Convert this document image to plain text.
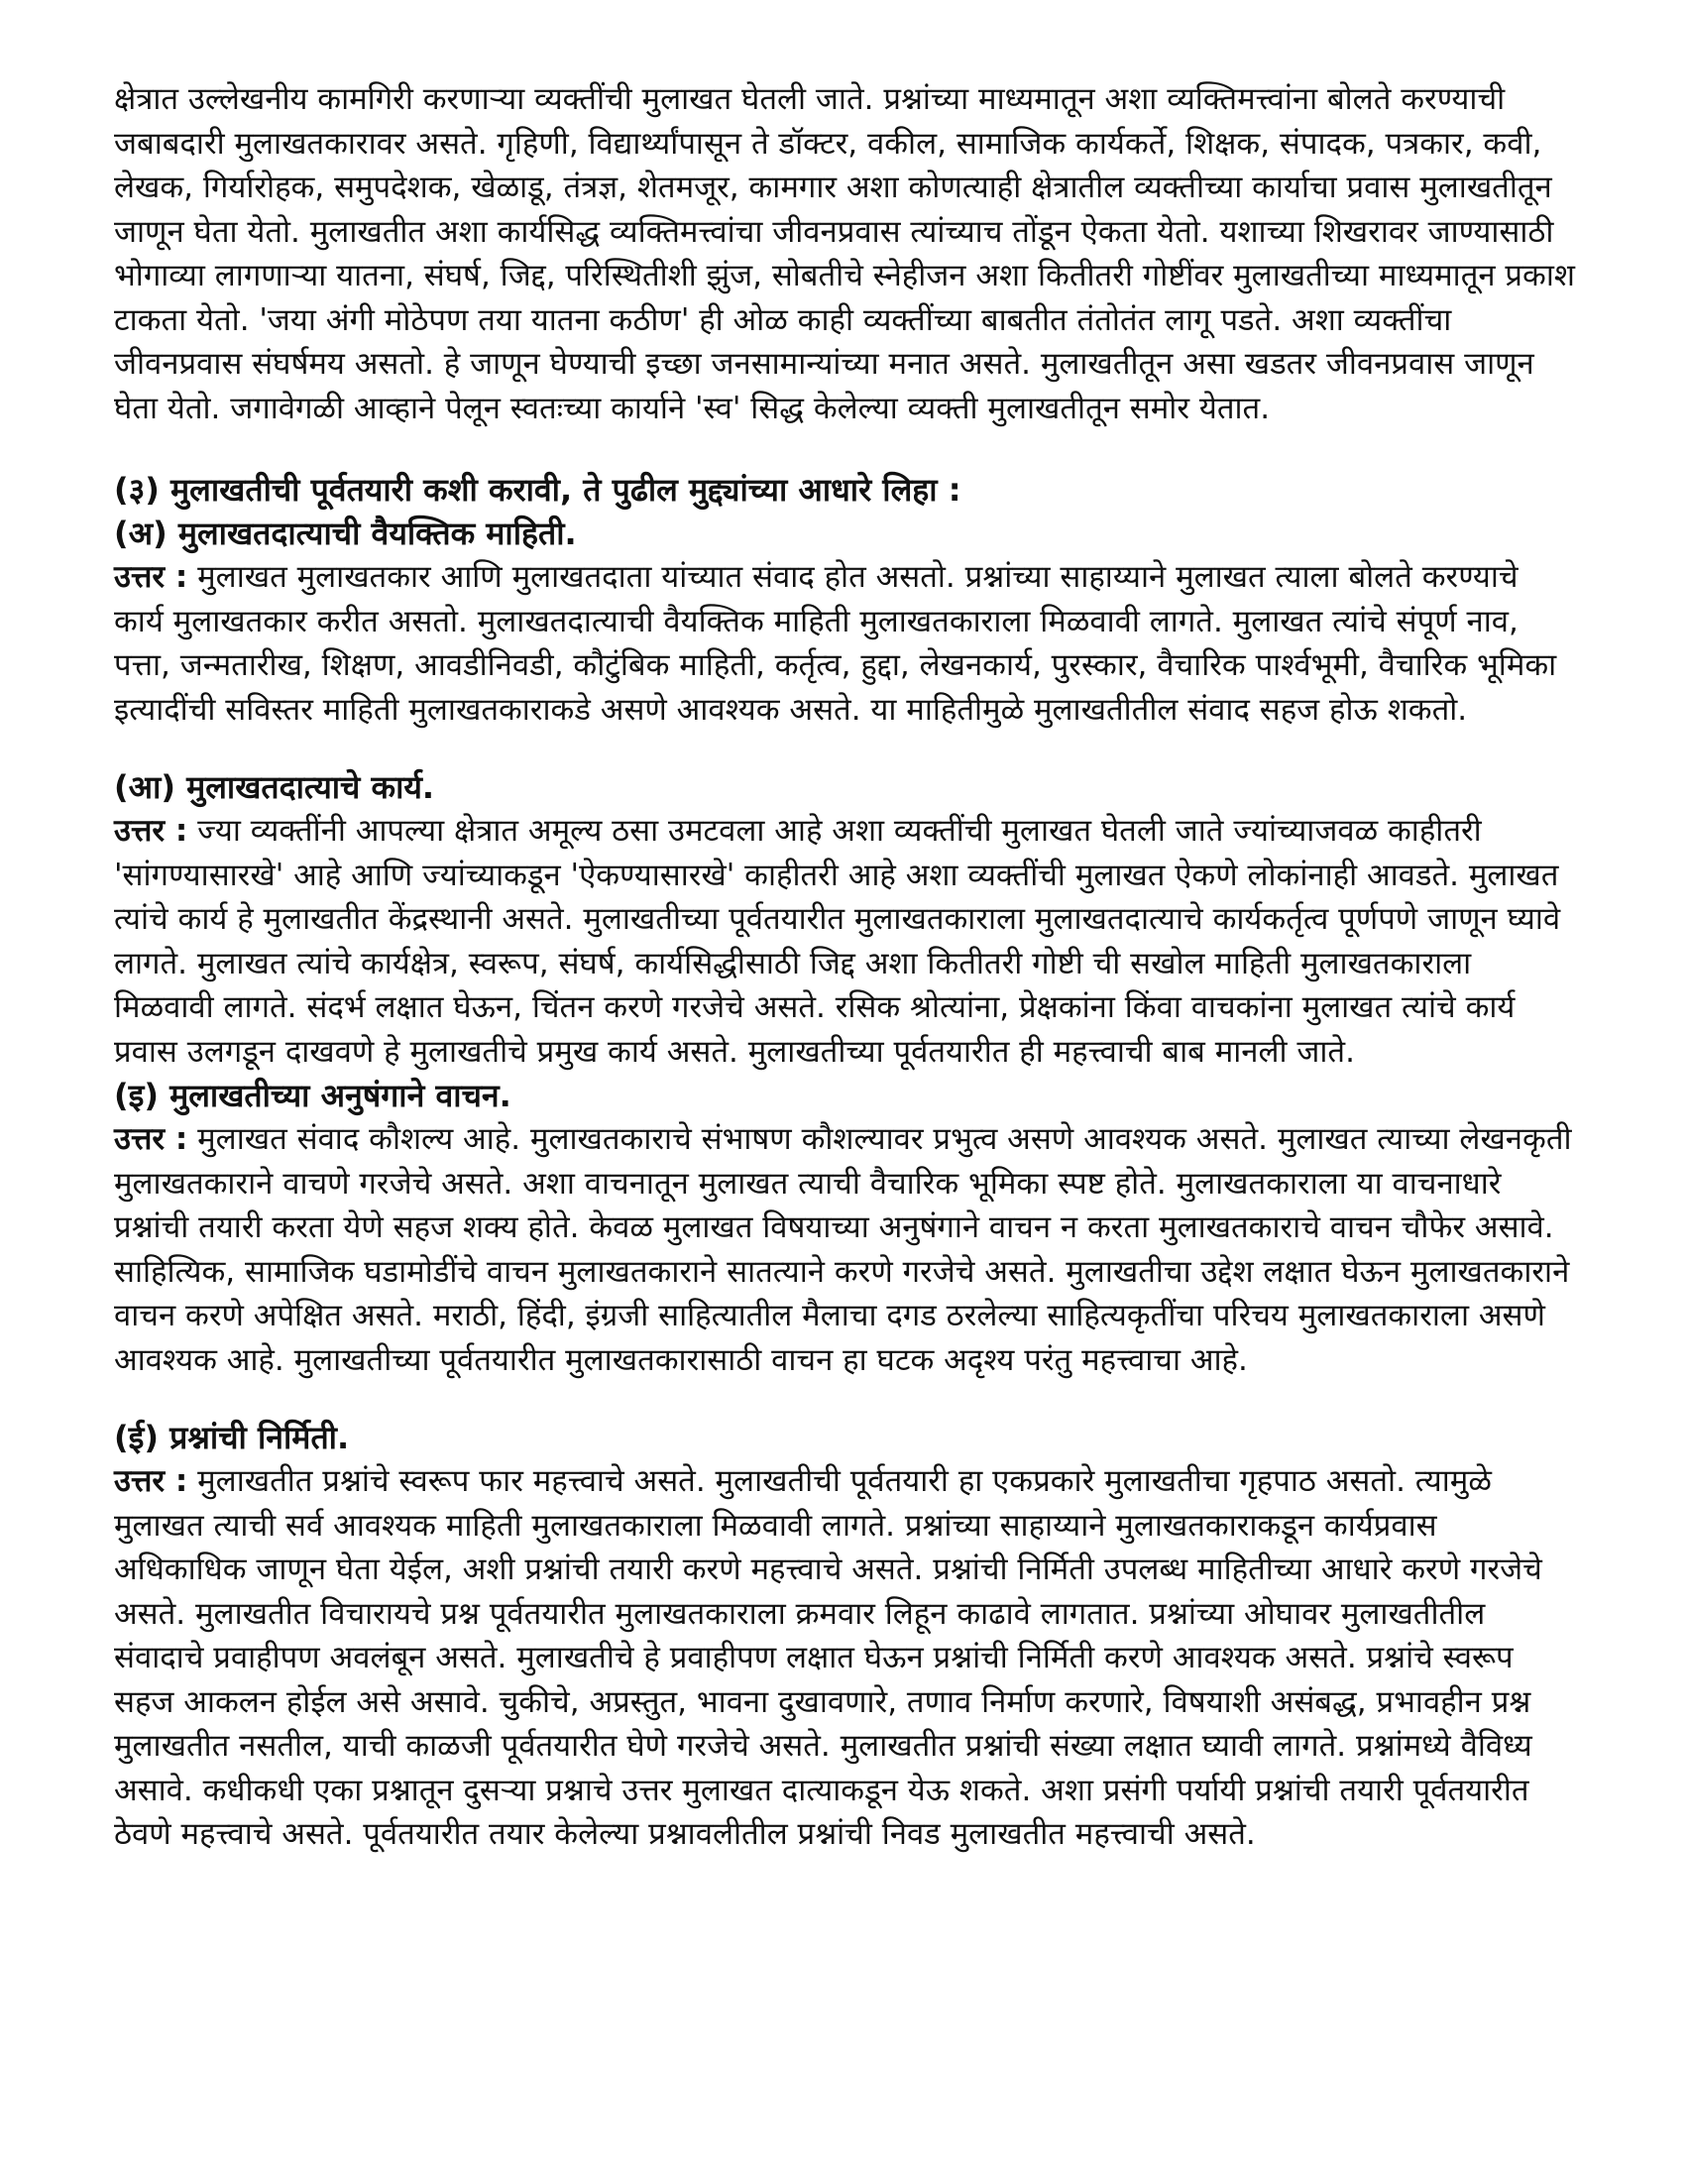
क्षेत्रात उल्लेखनीय कामगिरी करणाऱ्या व्यक्तींची मुलाखत घेतली जाते. प्रश्नांच्या माध्यमातून अशा व्यक्तिमत्त्वांना बोलते करण्याची जबाबदारी मुलाखतकारावर असते. गृहिणी, विद्यार्थ्यांपासून ते डॉक्टर, वकील, सामाजिक कार्यकर्ते, शिक्षक, संपादक, पत्रकार, कवी, लेखक, गिर्यारोहक, समुपदेशक, खेळाडू, तंत्रज्ञ, शेतमजूर, कामगार अशा कोणत्याही क्षेत्रातील व्यक्तीच्या कार्याचा प्रवास मुलाखतीतून जाणून घेता येतो. मुलाखतीत अशा कार्यसिद्ध व्यक्तिमत्त्वांचा जीवनप्रवास त्यांच्याच तोंडून ऐकता येतो. यशाच्या शिखरावर जाण्यासाठी भोगाव्या लागणाऱ्या यातना, संघर्ष, जिद्द, परिस्थितीशी झुंज, सोबतीचे स्नेहीजन अशा कितीतरी गोष्टींवर मुलाखतीच्या माध्यमातून प्रकाश टाकता येतो. 'जया अंगी मोठेपण तया यातना कठीण' ही ओळ काही व्यक्तींच्या बाबतीत तंतोतंत लागू पडते. अशा व्यक्तींचा जीवनप्रवास संघर्षमय असतो. हे जाणून घेण्याची इच्छा जनसामान्यांच्या मनात असते. मुलाखतीतून असा खडतर जीवनप्रवास जाणून घेता येतो. जगावेगळी आव्हाने पेलून स्वतःच्या कार्याने 'स्व' सिद्ध केलेल्या व्यक्ती मुलाखतीतून समोर येतात.

(३) मुलाखतीची पूर्वतयारी कशी करावी, ते पुढील मुद्द्यांच्या आधारे लिहा :
(अ) मुलाखतदात्याची वैयक्तिक माहिती.

उत्तर : मुलाखत मुलाखतकार आणि मुलाखतदाता यांच्यात संवाद होत असतो. प्रश्नांच्या साहाय्याने मुलाखत त्याला बोलते करण्याचे कार्य मुलाखतकार करीत असतो. मुलाखतदात्याची वैयक्तिक माहिती मुलाखतकाराला मिळवावी लागते. मुलाखत त्यांचे संपूर्ण नाव, पत्ता, जन्मतारीख, शिक्षण, आवडीनिवडी, कौटुंबिक माहिती, कर्तृत्व, हुद्दा, लेखनकार्य, पुरस्कार, वैचारिक पार्श्वभूमी, वैचारिक भूमिका इत्यादींची सविस्तर माहिती मुलाखतकाराकडे असणे आवश्यक असते. या माहितीमुळे मुलाखतीतील संवाद सहज होऊ शकतो.

(आ) मुलाखतदात्याचे कार्य.

उत्तर : ज्या व्यक्तींनी आपल्या क्षेत्रात अमूल्य ठसा उमटवला आहे अशा व्यक्तींची मुलाखत घेतली जाते ज्यांच्याजवळ काहीतरी 'सांगण्यासारखे' आहे आणि ज्यांच्याकडून 'ऐकण्यासारखे' काहीतरी आहे अशा व्यक्तींची मुलाखत ऐकणे लोकांनाही आवडते. मुलाखत त्यांचे कार्य हे मुलाखतीत केंद्रस्थानी असते. मुलाखतीच्या पूर्वतयारीत मुलाखतकाराला मुलाखतदात्याचे कार्यकर्तृत्व पूर्णपणे जाणून घ्यावे लागते. मुलाखत त्यांचे कार्यक्षेत्र, स्वरूप, संघर्ष, कार्यसिद्धीसाठी जिद्द अशा कितीतरी गोष्टी ची सखोल माहिती मुलाखतकाराला मिळवावी लागते. संदर्भ लक्षात घेऊन, चिंतन करणे गरजेचे असते. रसिक श्रोत्यांना, प्रेक्षकांना किंवा वाचकांना मुलाखत त्यांचे कार्य प्रवास उलगडून दाखवणे हे मुलाखतीचे प्रमुख कार्य असते. मुलाखतीच्या पूर्वतयारीत ही महत्त्वाची बाब मानली जाते.

(इ) मुलाखतीच्या अनुषंगाने वाचन.

उत्तर : मुलाखत संवाद कौशल्य आहे. मुलाखतकाराचे संभाषण कौशल्यावर प्रभुत्व असणे आवश्यक असते. मुलाखत त्याच्या लेखनकृती मुलाखतकाराने वाचणे गरजेचे असते. अशा वाचनातून मुलाखत त्याची वैचारिक भूमिका स्पष्ट होते. मुलाखतकाराला या वाचनाधारे प्रश्नांची तयारी करता येणे सहज शक्य होते. केवळ मुलाखत विषयाच्या अनुषंगाने वाचन न करता मुलाखतकाराचे वाचन चौफेर असावे. साहित्यिक, सामाजिक घडामोडींचे वाचन मुलाखतकाराने सातत्याने करणे गरजेचे असते. मुलाखतीचा उद्देश लक्षात घेऊन मुलाखतकाराने वाचन करणे अपेक्षित असते. मराठी, हिंदी, इंग्रजी साहित्यातील मैलाचा दगड ठरलेल्या साहित्यकृतींचा परिचय मुलाखतकाराला असणे आवश्यक आहे. मुलाखतीच्या पूर्वतयारीत मुलाखतकारासाठी वाचन हा घटक अदृश्य परंतु महत्त्वाचा आहे.

(ई) प्रश्नांची निर्मिती.

उत्तर : मुलाखतीत प्रश्नांचे स्वरूप फार महत्त्वाचे असते. मुलाखतीची पूर्वतयारी हा एकप्रकारे मुलाखतीचा गृहपाठ असतो. त्यामुळे मुलाखत त्याची सर्व आवश्यक माहिती मुलाखतकाराला मिळवावी लागते. प्रश्नांच्या साहाय्याने मुलाखतकाराकडून कार्यप्रवास अधिकाधिक जाणून घेता येईल, अशी प्रश्नांची तयारी करणे महत्त्वाचे असते. प्रश्नांची निर्मिती उपलब्ध माहितीच्या आधारे करणे गरजेचे असते. मुलाखतीत विचारायचे प्रश्न पूर्वतयारीत मुलाखतकाराला क्रमवार लिहून काढावे लागतात. प्रश्नांच्या ओघावर मुलाखतीतील संवादाचे प्रवाहीपण अवलंबून असते. मुलाखतीचे हे प्रवाहीपण लक्षात घेऊन प्रश्नांची निर्मिती करणे आवश्यक असते. प्रश्नांचे स्वरूप सहज आकलन होईल असे असावे. चुकीचे, अप्रस्तुत, भावना दुखावणारे, तणाव निर्माण करणारे, विषयाशी असंबद्ध, प्रभावहीन प्रश्न मुलाखतीत नसतील, याची काळजी पूर्वतयारीत घेणे गरजेचे असते. मुलाखतीत प्रश्नांची संख्या लक्षात घ्यावी लागते. प्रश्नांमध्ये वैविध्य असावे. कधीकधी एका प्रश्नातून दुसऱ्या प्रश्नाचे उत्तर मुलाखत दात्याकडून येऊ शकते. अशा प्रसंगी पर्यायी प्रश्नांची तयारी पूर्वतयारीत ठेवणे महत्त्वाचे असते. पूर्वतयारीत तयार केलेल्या प्रश्नावलीतील प्रश्नांची निवड मुलाखतीत महत्त्वाची असते.
